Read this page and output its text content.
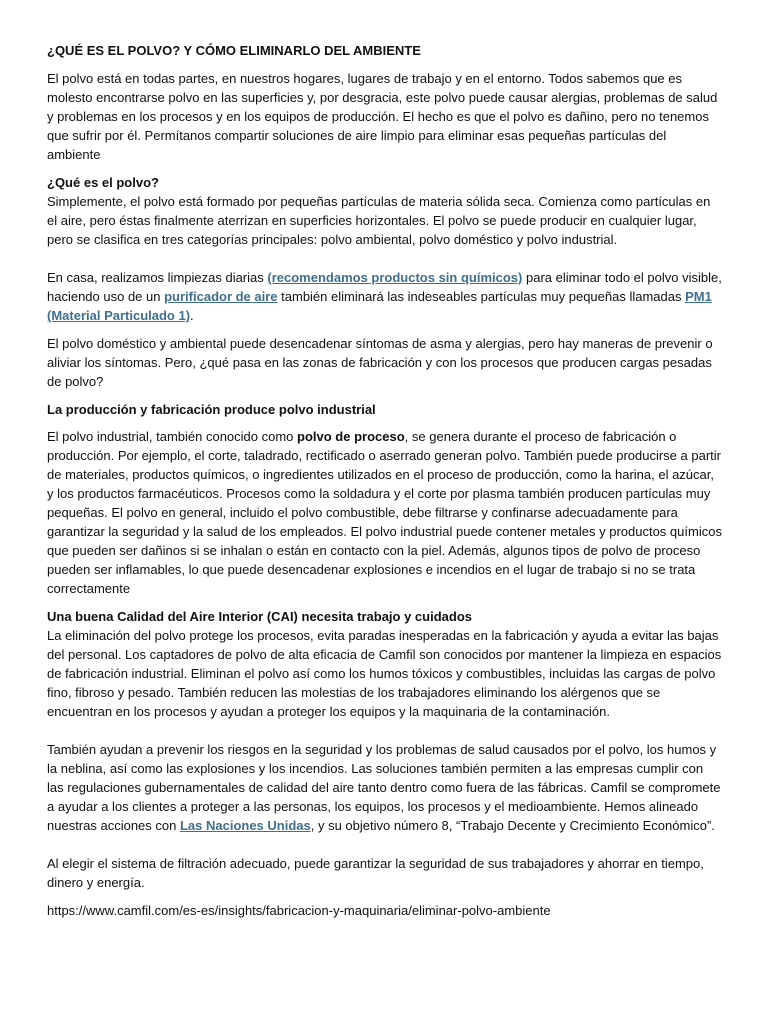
¿QUÉ ES EL POLVO? Y CÓMO ELIMINARLO DEL AMBIENTE

El polvo está en todas partes, en nuestros hogares, lugares de trabajo y en el entorno. Todos sabemos que es molesto encontrarse polvo en las superficies y, por desgracia, este polvo puede causar alergias, problemas de salud y problemas en los procesos y en los equipos de producción. El hecho es que el polvo es dañino, pero no tenemos que sufrir por él. Permítanos compartir soluciones de aire limpio para eliminar esas pequeñas partículas del ambiente

¿Qué es el polvo?

Simplemente, el polvo está formado por pequeñas partículas de materia sólida seca. Comienza como partículas en el aire, pero éstas finalmente aterrizan en superficies horizontales. El polvo se puede producir en cualquier lugar, pero se clasifica en tres categorías principales: polvo ambiental, polvo doméstico y polvo industrial.

En casa, realizamos limpiezas diarias (recomendamos productos sin químicos) para eliminar todo el polvo visible, haciendo uso de un purificador de aire también eliminará las indeseables partículas muy pequeñas llamadas PM1 (Material Particulado 1).

El polvo doméstico y ambiental puede desencadenar síntomas de asma y alergias, pero hay maneras de prevenir o aliviar los síntomas. Pero, ¿qué pasa en las zonas de fabricación y con los procesos que producen cargas pesadas de polvo?

La producción y fabricación produce polvo industrial

El polvo industrial, también conocido como polvo de proceso, se genera durante el proceso de fabricación o producción. Por ejemplo, el corte, taladrado, rectificado o aserrado generan polvo. También puede producirse a partir de materiales, productos químicos, o ingredientes utilizados en el proceso de producción, como la harina, el azúcar, y los productos farmacéuticos. Procesos como la soldadura y el corte por plasma también producen partículas muy pequeñas. El polvo en general, incluido el polvo combustible, debe filtrarse y confinarse adecuadamente para garantizar la seguridad y la salud de los empleados. El polvo industrial puede contener metales y productos químicos que pueden ser dañinos si se inhalan o están en contacto con la piel. Además, algunos tipos de polvo de proceso pueden ser inflamables, lo que puede desencadenar explosiones e incendios en el lugar de trabajo si no se trata correctamente

Una buena Calidad del Aire Interior (CAI) necesita trabajo y cuidados

La eliminación del polvo protege los procesos, evita paradas inesperadas en la fabricación y ayuda a evitar las bajas del personal. Los captadores de polvo de alta eficacia de Camfil son conocidos por mantener la limpieza en espacios de fabricación industrial. Eliminan el polvo así como los humos tóxicos y combustibles, incluidas las cargas de polvo fino, fibroso y pesado. También reducen las molestias de los trabajadores eliminando los alérgenos que se encuentran en los procesos y ayudan a proteger los equipos y la maquinaria de la contaminación.

También ayudan a prevenir los riesgos en la seguridad y los problemas de salud causados por el polvo, los humos y la neblina, así como las explosiones y los incendios. Las soluciones también permiten a las empresas cumplir con las regulaciones gubernamentales de calidad del aire tanto dentro como fuera de las fábricas. Camfil se compromete a ayudar a los clientes a proteger a las personas, los equipos, los procesos y el medioambiente. Hemos alineado nuestras acciones con Las Naciones Unidas, y su objetivo número 8, “Trabajo Decente y Crecimiento Económico”.

Al elegir el sistema de filtración adecuado, puede garantizar la seguridad de sus trabajadores y ahorrar en tiempo, dinero y energía.

https://www.camfil.com/es-es/insights/fabricacion-y-maquinaria/eliminar-polvo-ambiente
